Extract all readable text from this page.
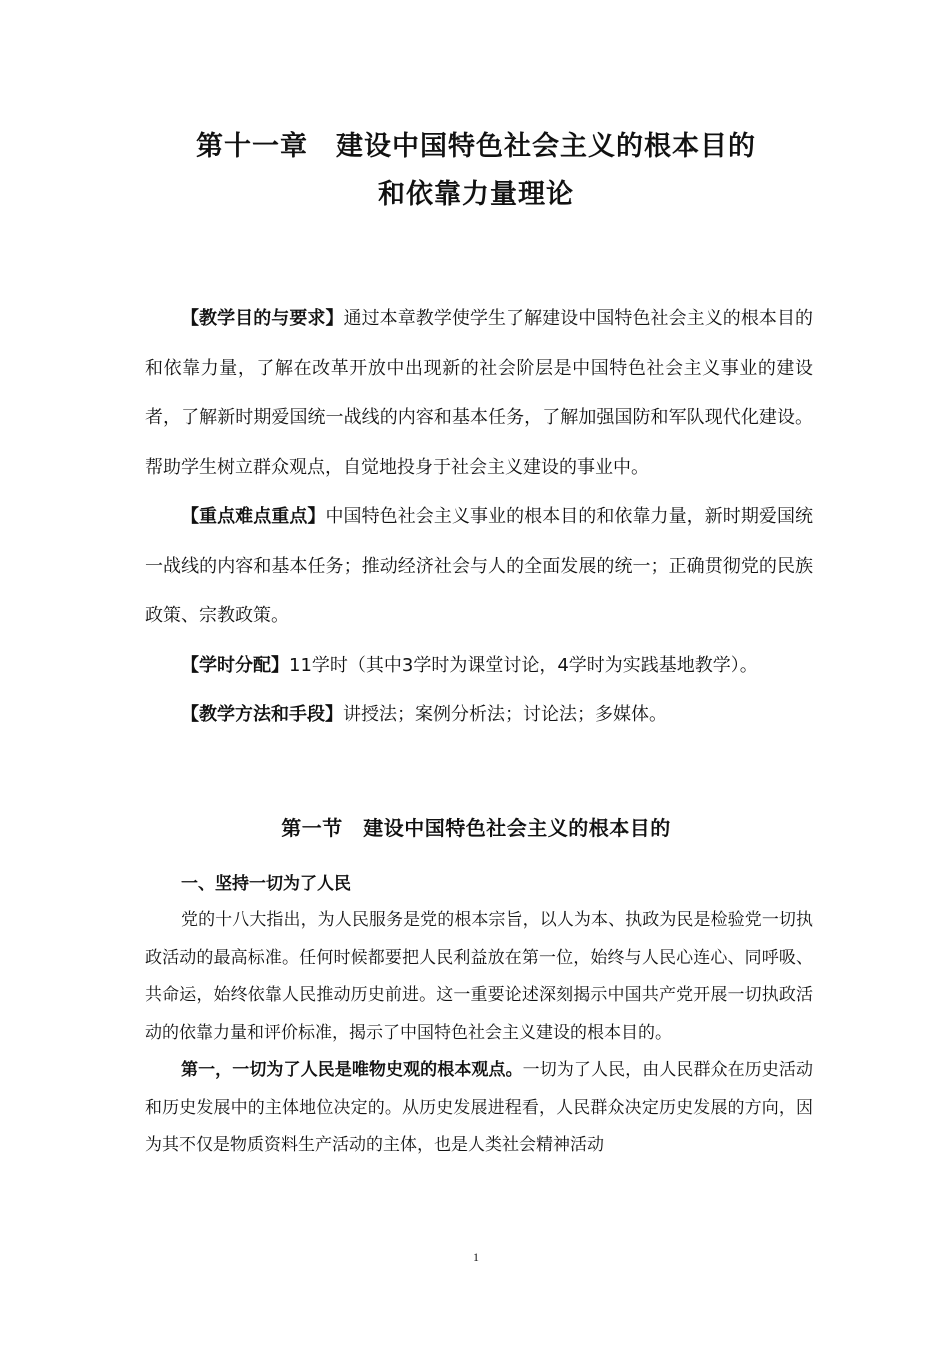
第十一章　建设中国特色社会主义的根本目的
和依靠力量理论

【教学目的与要求】通过本章教学使学生了解建设中国特色社会主义的根本目的和依靠力量，了解在改革开放中出现新的社会阶层是中国特色社会主义事业的建设者，了解新时期爱国统一战线的内容和基本任务，了解加强国防和军队现代化建设。帮助学生树立群众观点，自觉地投身于社会主义建设的事业中。

【重点难点重点】中国特色社会主义事业的根本目的和依靠力量，新时期爱国统一战线的内容和基本任务；推动经济社会与人的全面发展的统一；正确贯彻党的民族政策、宗教政策。

【学时分配】11学时（其中3学时为课堂讨论，4学时为实践基地教学）。

【教学方法和手段】讲授法；案例分析法；讨论法；多媒体。

第一节　建设中国特色社会主义的根本目的
一、坚持一切为了人民

党的十八大指出，为人民服务是党的根本宗旨，以人为本、执政为民是检验党一切执政活动的最高标准。任何时候都要把人民利益放在第一位，始终与人民心连心、同呼吸、共命运，始终依靠人民推动历史前进。这一重要论述深刻揭示中国共产党开展一切执政活动的依靠力量和评价标准，揭示了中国特色社会主义建设的根本目的。

第一，一切为了人民是唯物史观的根本观点。一切为了人民，由人民群众在历史活动和历史发展中的主体地位决定的。从历史发展进程看，人民群众决定历史发展的方向，因为其不仅是物质资料生产活动的主体，也是人类社会精神活动

1
